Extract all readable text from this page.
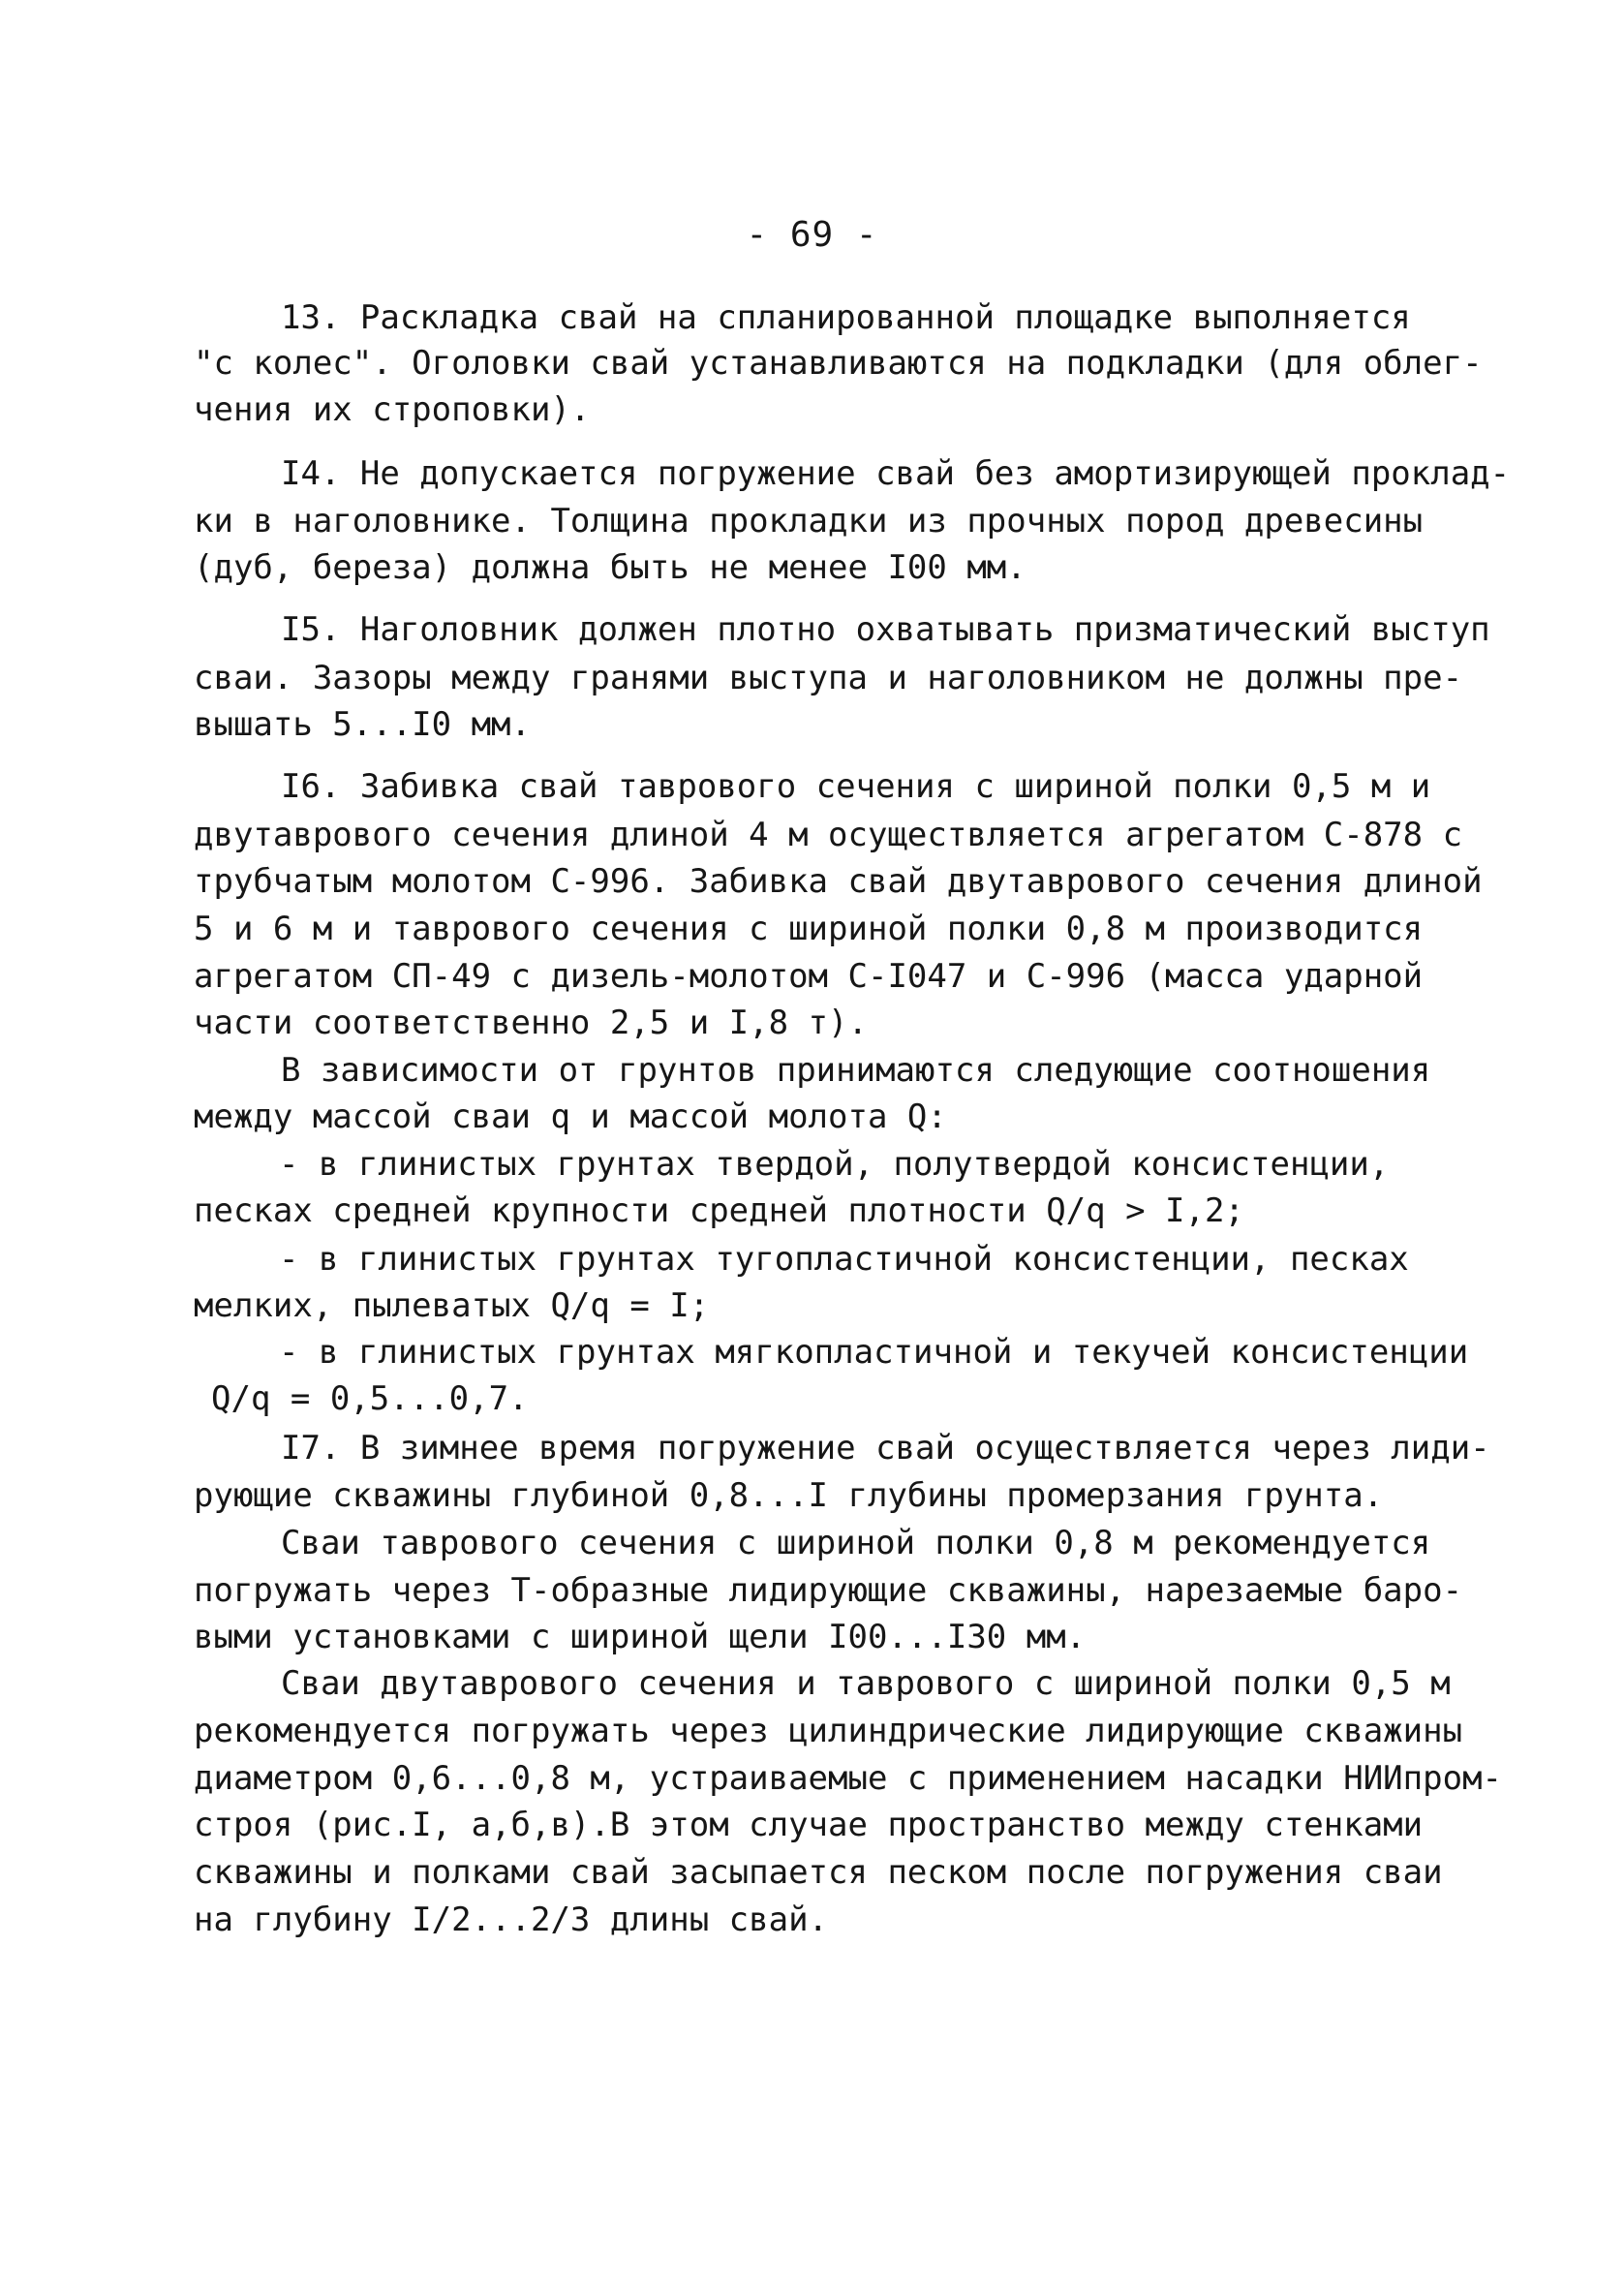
- 69 -
13. Раскладка свай на спланированной площадке выполняется
"с колес". Оголовки свай устанавливаются на подкладки (для облег-
чения их строповки).
I4. Не допускается погружение свай без амортизирующей проклад-
ки в наголовнике. Толщина прокладки из прочных пород древесины
(дуб, береза) должна быть не менее I00 мм.
I5. Наголовник должен плотно охватывать призматический выступ
сваи. Зазоры между гранями выступа и наголовником не должны пре-
вышать 5...I0 мм.
I6. Забивка свай таврового сечения с шириной полки 0,5 м и
двутаврового сечения длиной 4 м осуществляется агрегатом С-878 с
трубчатым молотом С-996. Забивка свай двутаврового сечения длиной
5 и 6 м и таврового сечения с шириной полки 0,8 м производится
агрегатом СП-49 с дизель-молотом С-I047 и С-996 (масса ударной
части соответственно 2,5 и I,8 т).
В зависимости от грунтов принимаются следующие соотношения
между массой сваи q и массой молота Q:
- в глинистых грунтах твердой, полутвердой консистенции,
песках средней крупности средней плотности Q/q > I,2;
- в глинистых грунтах тугопластичной консистенции, песках
мелких, пылеватых Q/q = I;
- в глинистых грунтах мягкопластичной и текучей консистенции
Q/q = 0,5...0,7.
I7. В зимнее время погружение свай осуществляется через лиди-
рующие скважины глубиной 0,8...I глубины промерзания грунта.
Сваи таврового сечения с шириной полки 0,8 м рекомендуется
погружать через Т-образные лидирующие скважины, нарезаемые баро-
выми установками с шириной щели I00...I30 мм.
Сваи двутаврового сечения и таврового с шириной полки 0,5 м
рекомендуется погружать через цилиндрические лидирующие скважины
диаметром 0,6...0,8 м, устраиваемые с применением насадки НИИпром-
строя (рис.I, а,б,в).В этом случае пространство между стенками
скважины и полками свай засыпается песком после погружения сваи
на глубину I/2...2/3 длины свай.
